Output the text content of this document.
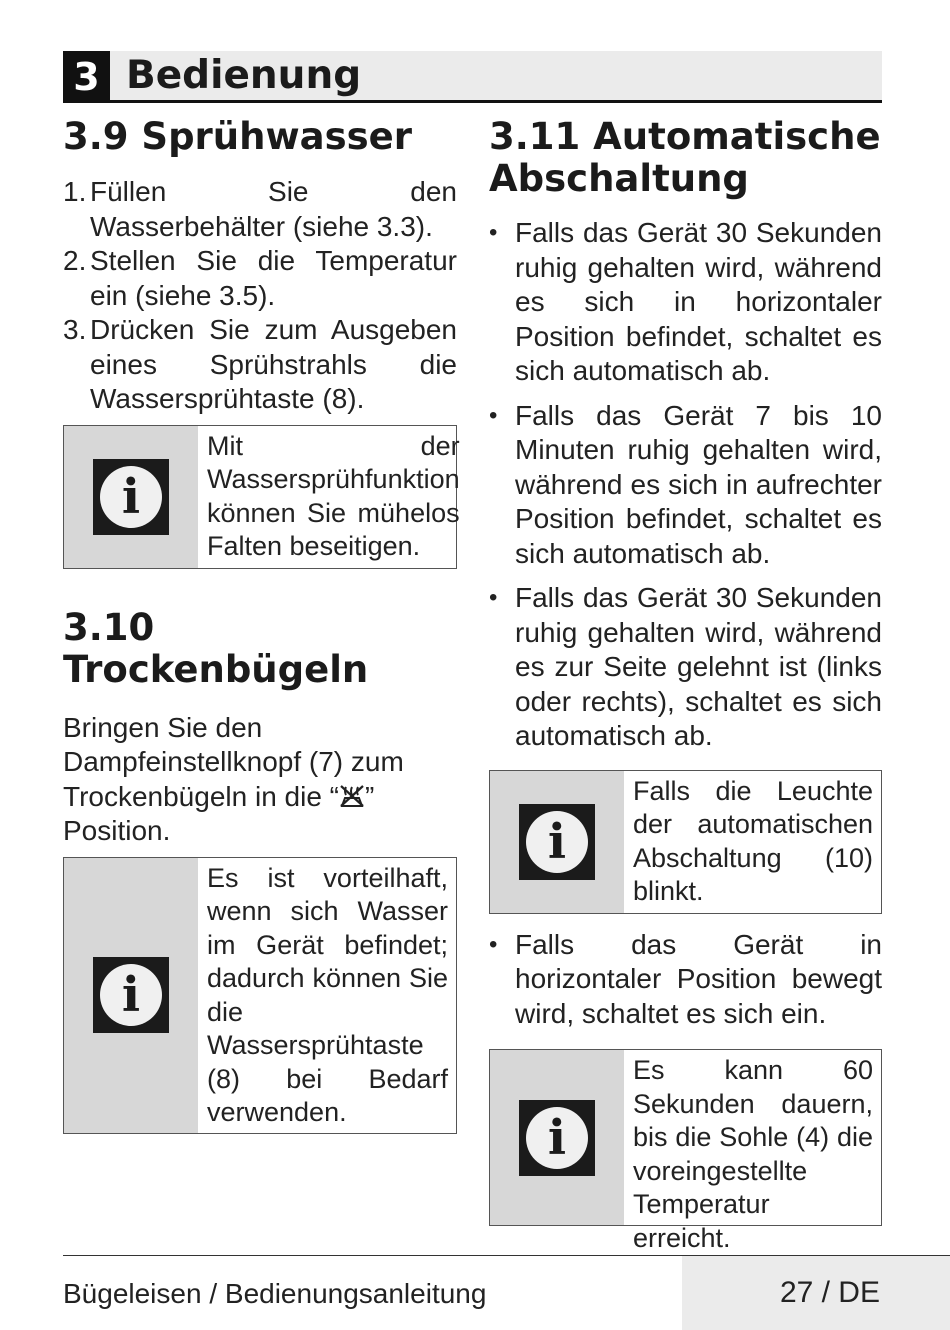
3 Bedienung
3.9 Sprühwasser
1. Füllen Sie den Wasserbehälter (siehe 3.3).
2. Stellen Sie die Temperatur ein (siehe 3.5).
3. Drücken Sie zum Ausgeben eines Sprühstrahls die Wassersprühtaste (8).
i
Mit der Wassersprühfunktion können Sie mühelos Falten beseitigen.
3.10 Trockenbügeln
Bringen Sie den Dampfeinstellknopf (7) zum Trockenbügeln in die “ ” Position.
i
Es ist vorteilhaft, wenn sich Wasser im Gerät befindet; dadurch können Sie die Wassersprühtaste (8) bei Bedarf verwenden.
3.11 Automatische Abschaltung
• Falls das Gerät 30 Sekunden ruhig gehalten wird, während es sich in horizontaler Position befindet, schaltet es sich automatisch ab.
• Falls das Gerät 7 bis 10 Minuten ruhig gehalten wird, während es sich in aufrechter Position befindet, schaltet es sich automatisch ab.
• Falls das Gerät 30 Sekunden ruhig gehalten wird, während es zur Seite gelehnt ist (links oder rechts), schaltet es sich automatisch ab.
i
Falls die Leuchte der automatischen Abschaltung (10) blinkt.
• Falls das Gerät in horizontaler Position bewegt wird, schaltet es sich ein.
i
Es kann 60 Sekunden dauern, bis die Sohle (4) die voreingestellte Temperatur erreicht.
Bügeleisen / Bedienungsanleitung	27 / DE
